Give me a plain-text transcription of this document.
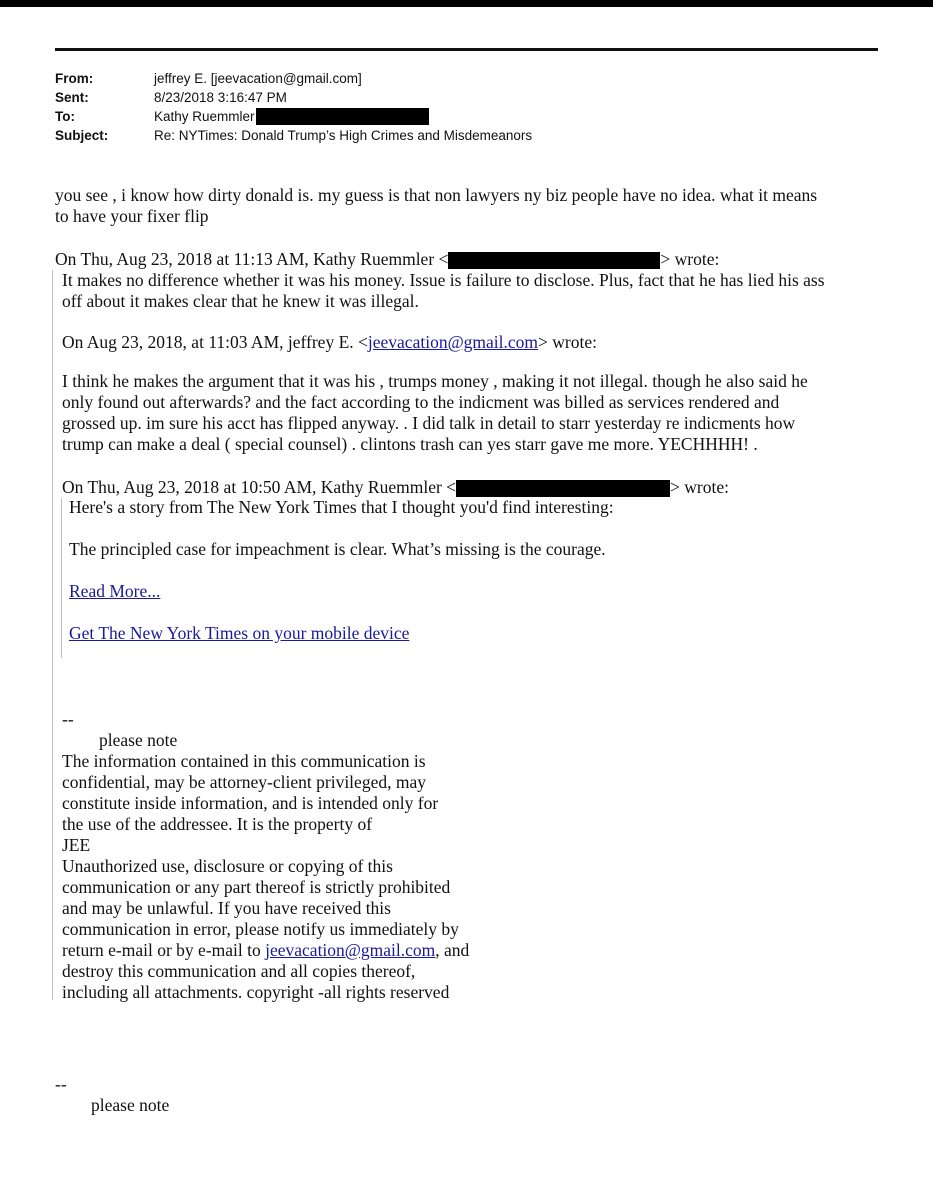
From:	jeffrey E. [jeevacation@gmail.com]
Sent:	8/23/2018 3:16:47 PM
To:	Kathy Ruemmler
Subject:	Re: NYTimes: Donald Trump’s High Crimes and Misdemeanors

you see , i know how dirty donald is. my guess is that non lawyers ny biz people have no idea. what it means

to have your fixer flip

On Thu, Aug 23, 2018 at 11:13 AM, Kathy Ruemmler <	> wrote:

It makes no difference whether it was his money. Issue is failure to disclose. Plus, fact that he has lied his ass

off about it makes clear that he knew it was illegal.

On Aug 23, 2018, at 11:03 AM, jeffrey E. <jeevacation@gmail.com> wrote:

I think he makes the argument that it was his , trumps money , making it not illegal. though he also said he

only found out afterwards? and the fact according to the indicment was billed as services rendered and

grossed up. im sure his acct has flipped anyway. . I did talk in detail to starr yesterday re indicments how

trump can make a deal ( special counsel) . clintons trash can yes starr gave me more. YECHHHH! .

On Thu, Aug 23, 2018 at 10:50 AM, Kathy Ruemmler <	> wrote:

Here's a story from The New York Times that I thought you'd find interesting:

The principled case for impeachment is clear. What’s missing is the courage.

Read More...
Get The New York Times on your mobile device
--
please note

The information contained in this communication is

confidential, may be attorney-client privileged, may

constitute inside information, and is intended only for

the use of the addressee. It is the property of

JEE

Unauthorized use, disclosure or copying of this

communication or any part thereof is strictly prohibited

and may be unlawful. If you have received this

communication in error, please notify us immediately by

return e-mail or by e-mail to jeevacation@gmail.com, and

destroy this communication and all copies thereof,

including all attachments. copyright -all rights reserved

--
please note
